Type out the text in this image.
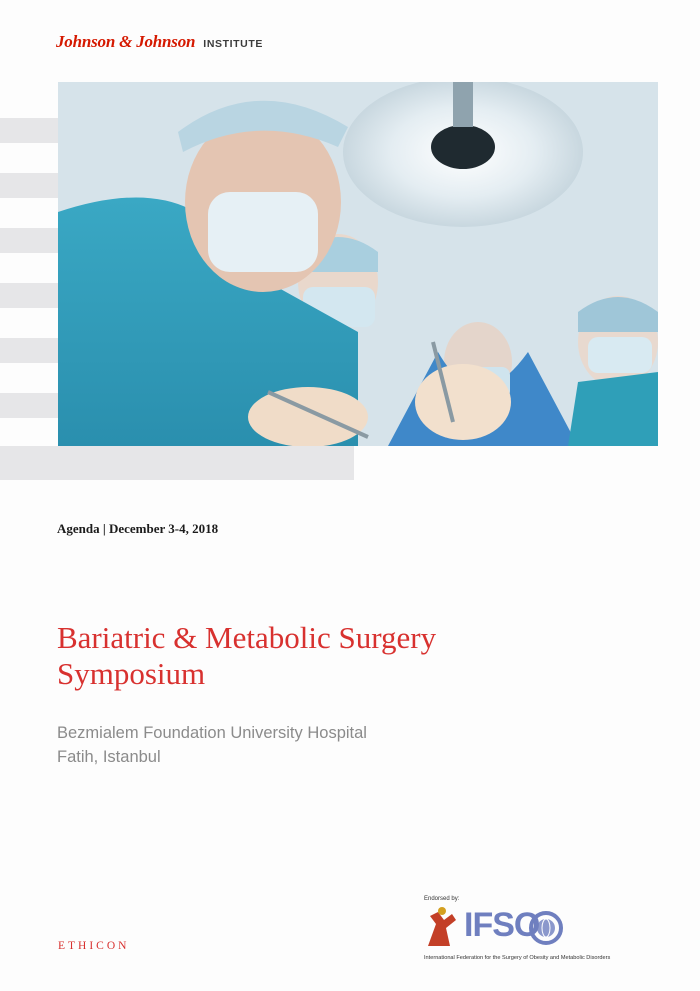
Johnson & Johnson INSTITUTE
Agenda | December 3-4, 2018
Bariatric & Metabolic Surgery
Symposium
Bezmialem Foundation University Hospital
Fatih, Istanbul
ETHICON
Endorsed by:
IFSO
International Federation for the Surgery of Obesity and Metabolic Disorders
